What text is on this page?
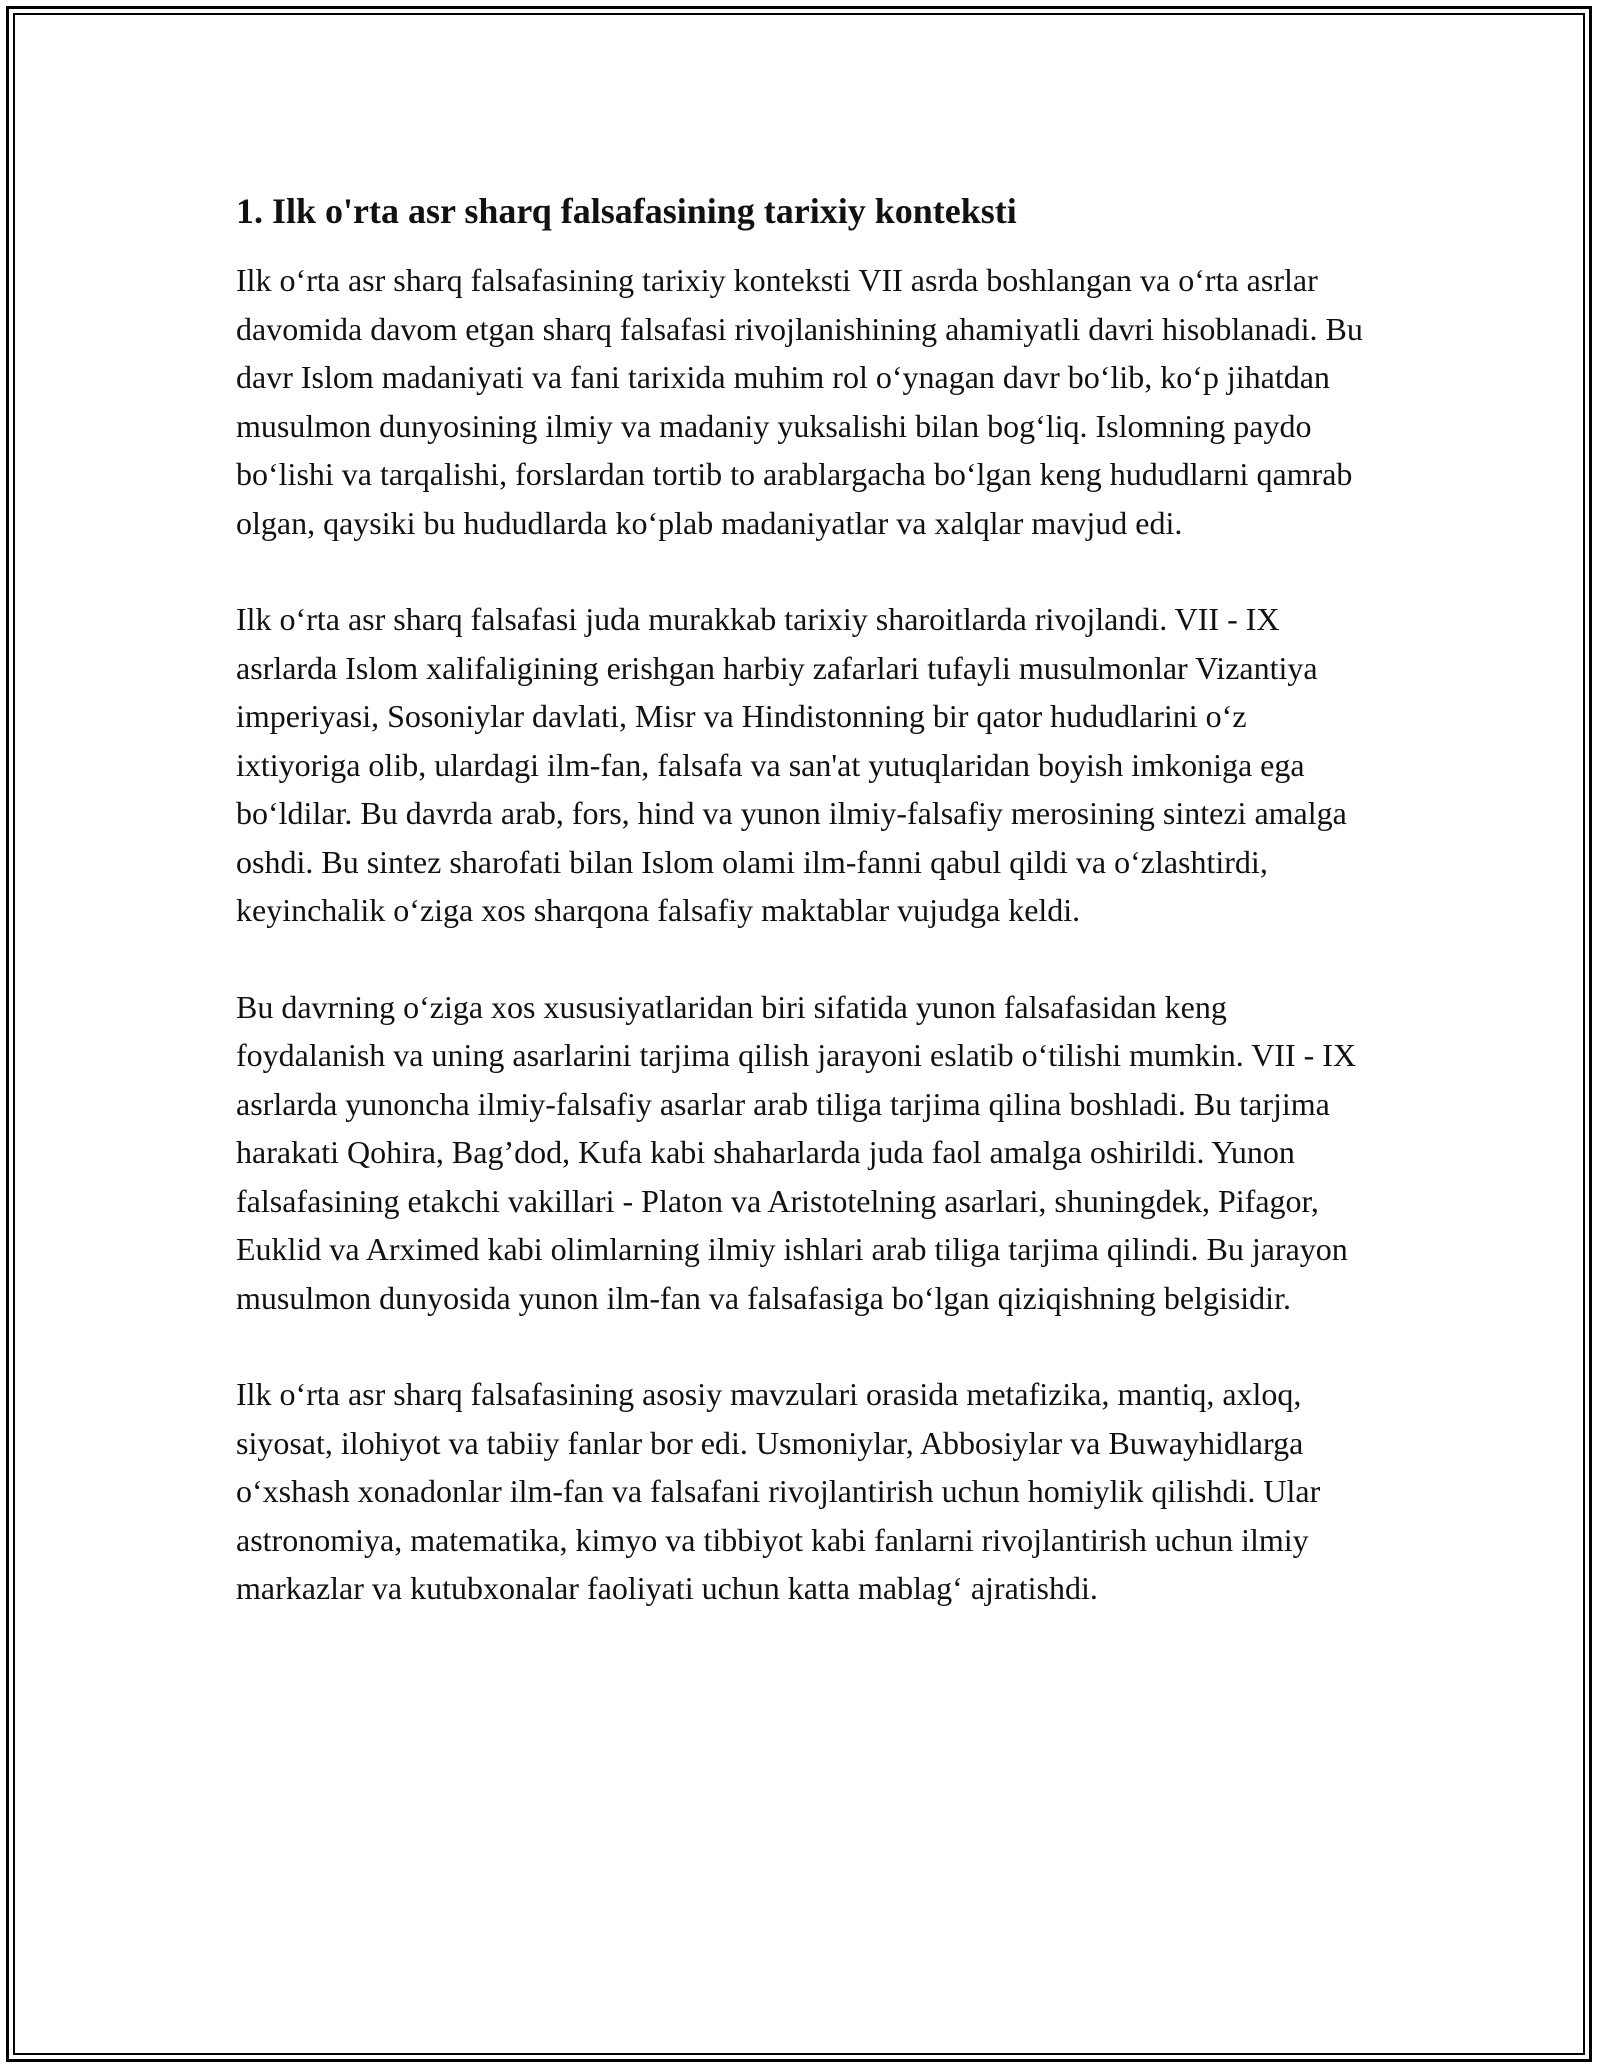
1. Ilk o'rta asr sharq falsafasining tarixiy konteksti

Ilk o‘rta asr sharq falsafasining tarixiy konteksti VII asrda boshlangan va o‘rta asrlar davomida davom etgan sharq falsafasi rivojlanishining ahamiyatli davri hisoblanadi. Bu davr Islom madaniyati va fani tarixida muhim rol o‘ynagan davr bo‘lib, ko‘p jihatdan musulmon dunyosining ilmiy va madaniy yuksalishi bilan bog‘liq. Islomning paydo bo‘lishi va tarqalishi, forslardan tortib to arablargacha bo‘lgan keng hududlarni qamrab olgan, qaysiki bu hududlarda ko‘plab madaniyatlar va xalqlar mavjud edi.

Ilk o‘rta asr sharq falsafasi juda murakkab tarixiy sharoitlarda rivojlandi. VII - IX asrlarda Islom xalifaligining erishgan harbiy zafarlari tufayli musulmonlar Vizantiya imperiyasi, Sosoniylar davlati, Misr va Hindistonning bir qator hududlarini o‘z ixtiyoriga olib, ulardagi ilm-fan, falsafa va san'at yutuqlaridan boyish imkoniga ega bo‘ldilar. Bu davrda arab, fors, hind va yunon ilmiy-falsafiy merosining sintezi amalga oshdi. Bu sintez sharofati bilan Islom olami ilm-fanni qabul qildi va o‘zlashtirdi, keyinchalik o‘ziga xos sharqona falsafiy maktablar vujudga keldi.

Bu davrning o‘ziga xos xususiyatlaridan biri sifatida yunon falsafasidan keng foydalanish va uning asarlarini tarjima qilish jarayoni eslatib o‘tilishi mumkin. VII - IX asrlarda yunoncha ilmiy-falsafiy asarlar arab tiliga tarjima qilina boshladi. Bu tarjima harakati Qohira, Bag’dod, Kufa kabi shaharlarda juda faol amalga oshirildi. Yunon falsafasining etakchi vakillari - Platon va Aristotelning asarlari, shuningdek, Pifagor, Euklid va Arximed kabi olimlarning ilmiy ishlari arab tiliga tarjima qilindi. Bu jarayon musulmon dunyosida yunon ilm-fan va falsafasiga bo‘lgan qiziqishning belgisidir.

Ilk o‘rta asr sharq falsafasining asosiy mavzulari orasida metafizika, mantiq, axloq, siyosat, ilohiyot va tabiiy fanlar bor edi. Usmoniylar, Abbosiylar va Buwayhidlarga o‘xshash xonadonlar ilm-fan va falsafani rivojlantirish uchun homiylik qilishdi. Ular astronomiya, matematika, kimyo va tibbiyot kabi fanlarni rivojlantirish uchun ilmiy markazlar va kutubxonalar faoliyati uchun katta mablag‘ ajratishdi.
